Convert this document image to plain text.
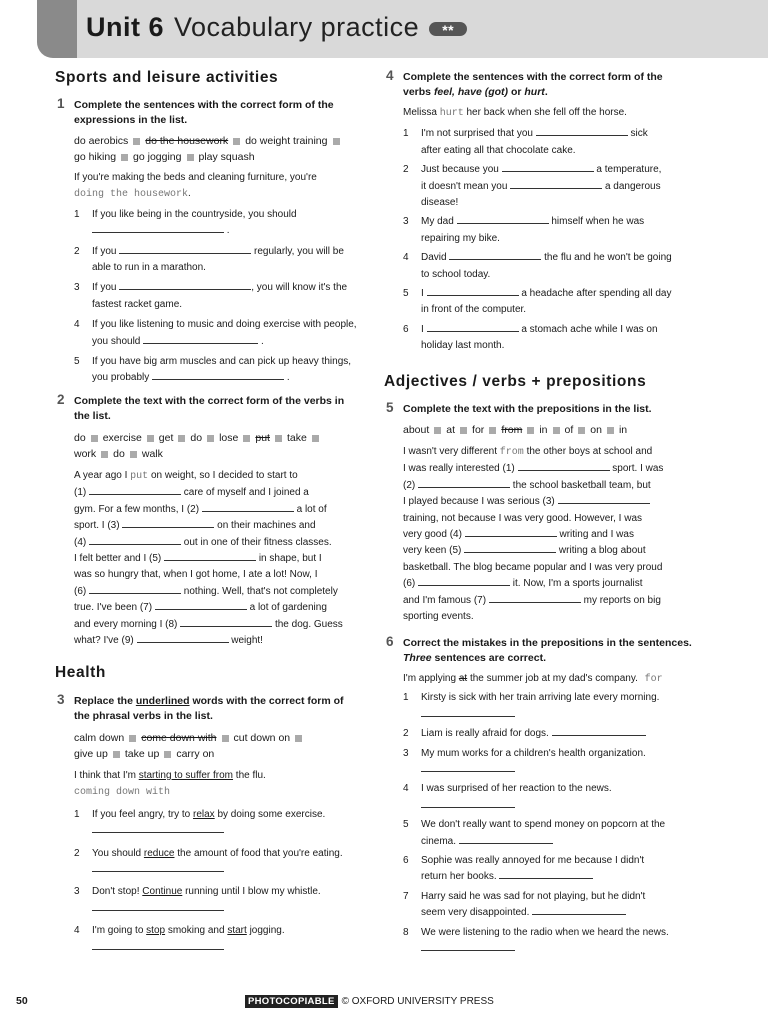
Unit 6 Vocabulary practice **
Sports and leisure activities
1 Complete the sentences with the correct form of the expressions in the list.
do aerobics do the housework do weight training
go hiking go jogging play squash
If you're making the beds and cleaning furniture, you're
doing the housework.
1 If you like being in the countryside, you should
.
2 If you	regularly, you will be able to run in a marathon.
3 If you	, you will know it's the fastest racket game.
4 If you like listening to music and doing exercise with people, you should	.
5 If you have big arm muscles and can pick up heavy things, you probably	.
2 Complete the text with the correct form of the verbs in the list.
do exercise get do lose put take
work do walk
A year ago I put on weight, so I decided to start to
(1)	care of myself and I joined a
gym. For a few months, I (2)	a lot of
sport. I (3)	on their machines and
(4)	out in one of their fitness classes.
I felt better and I (5)	in shape, but I
was so hungry that, when I got home, I ate a lot! Now, I
(6)	nothing. Well, that's not completely
true. I've been (7)	a lot of gardening
and every morning I (8)	the dog. Guess
what? I've (9)	weight!
Health
3 Replace the underlined words with the correct form of the phrasal verbs in the list.
calm down come down with cut down on
give up take up carry on
I think that I'm starting to suffer from the flu.
coming down with
1 If you feel angry, try to relax by doing some exercise.

2 You should reduce the amount of food that you're eating.

3 Don't stop! Continue running until I blow my whistle.

4 I'm going to stop smoking and start jogging.

4 Complete the sentences with the correct form of the verbs feel, have (got) or hurt.
Melissa hurt her back when she fell off the horse.
1 I'm not surprised that you	sick
after eating all that chocolate cake.
2 Just because you	a temperature,
it doesn't mean you	a dangerous
disease!
3 My dad	himself when he was
repairing my bike.
4 David	the flu and he won't be going
to school today.
5 I	a headache after spending all day
in front of the computer.
6 I	a stomach ache while I was on
holiday last month.
Adjectives / verbs + prepositions
5 Complete the text with the prepositions in the list.
about at for from in of on in
I wasn't very different from the other boys at school and
I was really interested (1)	sport. I was
(2)	the school basketball team, but
I played because I was serious (3)
training, not because I was very good. However, I was
very good (4)	writing and I was
very keen (5)	writing a blog about
basketball. The blog became popular and I was very proud
(6)	it. Now, I'm a sports journalist
and I'm famous (7)	my reports on big
sporting events.
6 Correct the mistakes in the prepositions in the sentences. Three sentences are correct.
I'm applying at the summer job at my dad's company. for
1 Kirsty is sick with her train arriving late every morning.

2 Liam is really afraid for dogs.
3 My mum works for a children's health organization.

4 I was surprised of her reaction to the news.

5 We don't really want to spend money on popcorn at the
cinema.
6 Sophie was really annoyed for me because I didn't
return her books.
7 Harry said he was sad for not playing, but he didn't
seem very disappointed.
8 We were listening to the radio when we heard the news.

50	PHOTOCOPIABLE © OXFORD UNIVERSITY PRESS
